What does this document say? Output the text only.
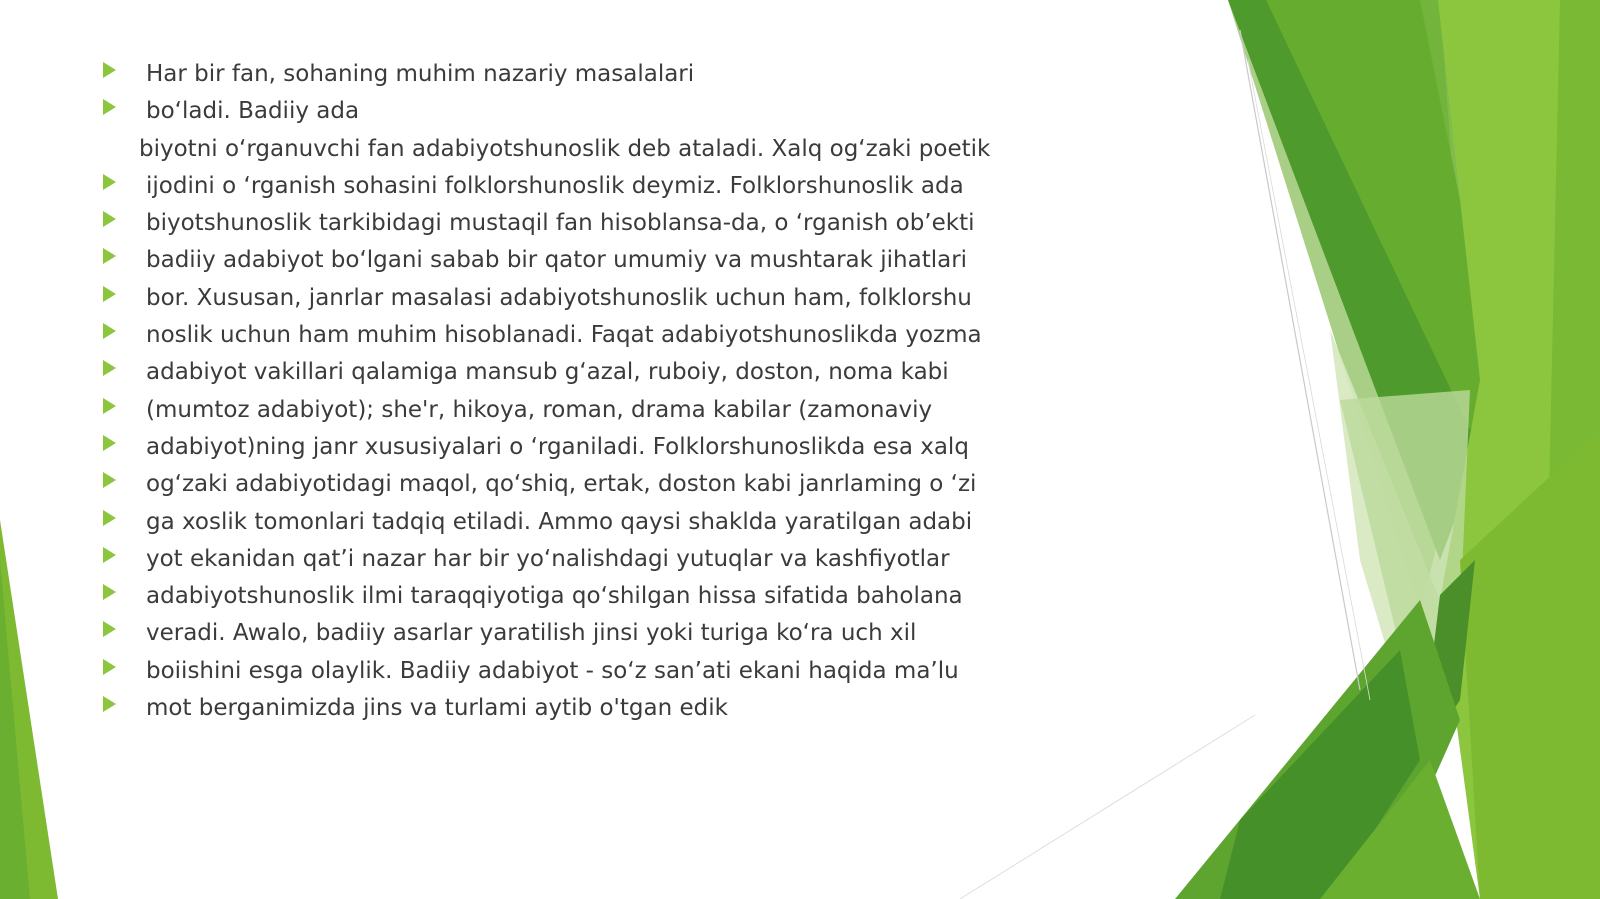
Har bir fan, sohaning muhim nazariy masalalari
bo‘ladi. Badiiy ada
biyotni o‘rganuvchi fan adabiyotshunoslik deb ataladi. Xalq og‘zaki poetik
ijodini o ‘rganish sohasini folklorshunoslik deymiz. Folklorshunoslik ada
biyotshunoslik tarkibidagi mustaqil fan hisoblansa-da, o ‘rganish ob’ekti
badiiy adabiyot bo‘lgani sabab bir qator umumiy va mushtarak jihatlari
bor. Xususan, janrlar masalasi adabiyotshunoslik uchun ham, folklorshu
noslik uchun ham muhim hisoblanadi. Faqat adabiyotshunoslikda yozma
adabiyot vakillari qalamiga mansub g‘azal, ruboiy, doston, noma kabi
(mumtoz adabiyot); she'r, hikoya, roman, drama kabilar (zamonaviy
adabiyot)ning janr xususiyalari o ‘rganiladi. Folklorshunoslikda esa xalq
og‘zaki adabiyotidagi maqol, qo‘shiq, ertak, doston kabi janrlaming o ‘zi
ga xoslik tomonlari tadqiq etiladi. Ammo qaysi shaklda yaratilgan adabi
yot ekanidan qat’i nazar har bir yo‘nalishdagi yutuqlar va kashfiyotlar
adabiyotshunoslik ilmi taraqqiyotiga qo‘shilgan hissa sifatida baholana
veradi. Awalo, badiiy asarlar yaratilish jinsi yoki turiga ko‘ra uch xil
boiishini esga olaylik. Badiiy adabiyot - so‘z san’ati ekani haqida ma’lu
mot berganimizda jins va turlami aytib o'tgan edik
